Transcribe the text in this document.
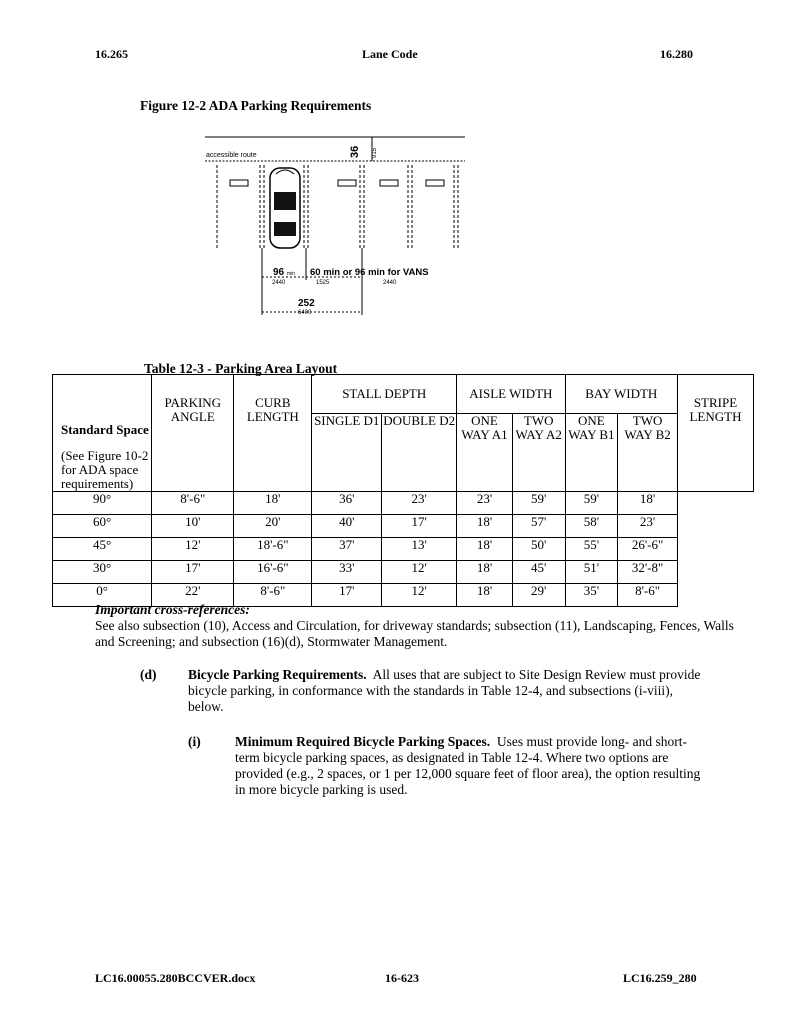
16.265	Lane Code	16.280
Figure 12-2 ADA Parking Requirements
accessible route	36 915
96 min
2440
60 min or 96 min for VANS
1525	2440
252
6400
Table 12-3 - Parking Area Layout
Standard Space
(See Figure 10-2 for ADA space requirements)	PARKING ANGLE	CURB LENGTH	STALL DEPTH		AISLE WIDTH		BAY WIDTH		STRIPE LENGTH
			SINGLE D1	DOUBLE D2	ONE WAY A1	TWO WAY A2	ONE WAY B1	TWO WAY B2	
90°	8'-6"	18'	36'	23'	23'	59'	59'	18'	
60°	10'	20'	40'	17'	18'	57'	58'	23'	
45°	12'	18'-6"	37'	13'	18'	50'	55'	26'-6"	
30°	17'	16'-6"	33'	12'	18'	45'	51'	32'-8"	
0°	22'	8'-6"	17'	12'	18'	29'	35'	8'-6"	
Important cross-references:
See also subsection (10), Access and Circulation, for driveway standards; subsection (11), Landscaping, Fences, Walls and Screening; and subsection (16)(d), Stormwater Management.
(d) Bicycle Parking Requirements. All uses that are subject to Site Design Review must provide bicycle parking, in conformance with the standards in Table 12-4, and subsections (i-viii), below.
(i)	Minimum Required Bicycle Parking Spaces. Uses must provide long- and short-term bicycle parking spaces, as designated in Table 12-4. Where two options are provided (e.g., 2 spaces, or 1 per 12,000 square feet of floor area), the option resulting in more bicycle parking is used.
LC16.00055.280BCCVER.docx	16-623	LC16.259_280
